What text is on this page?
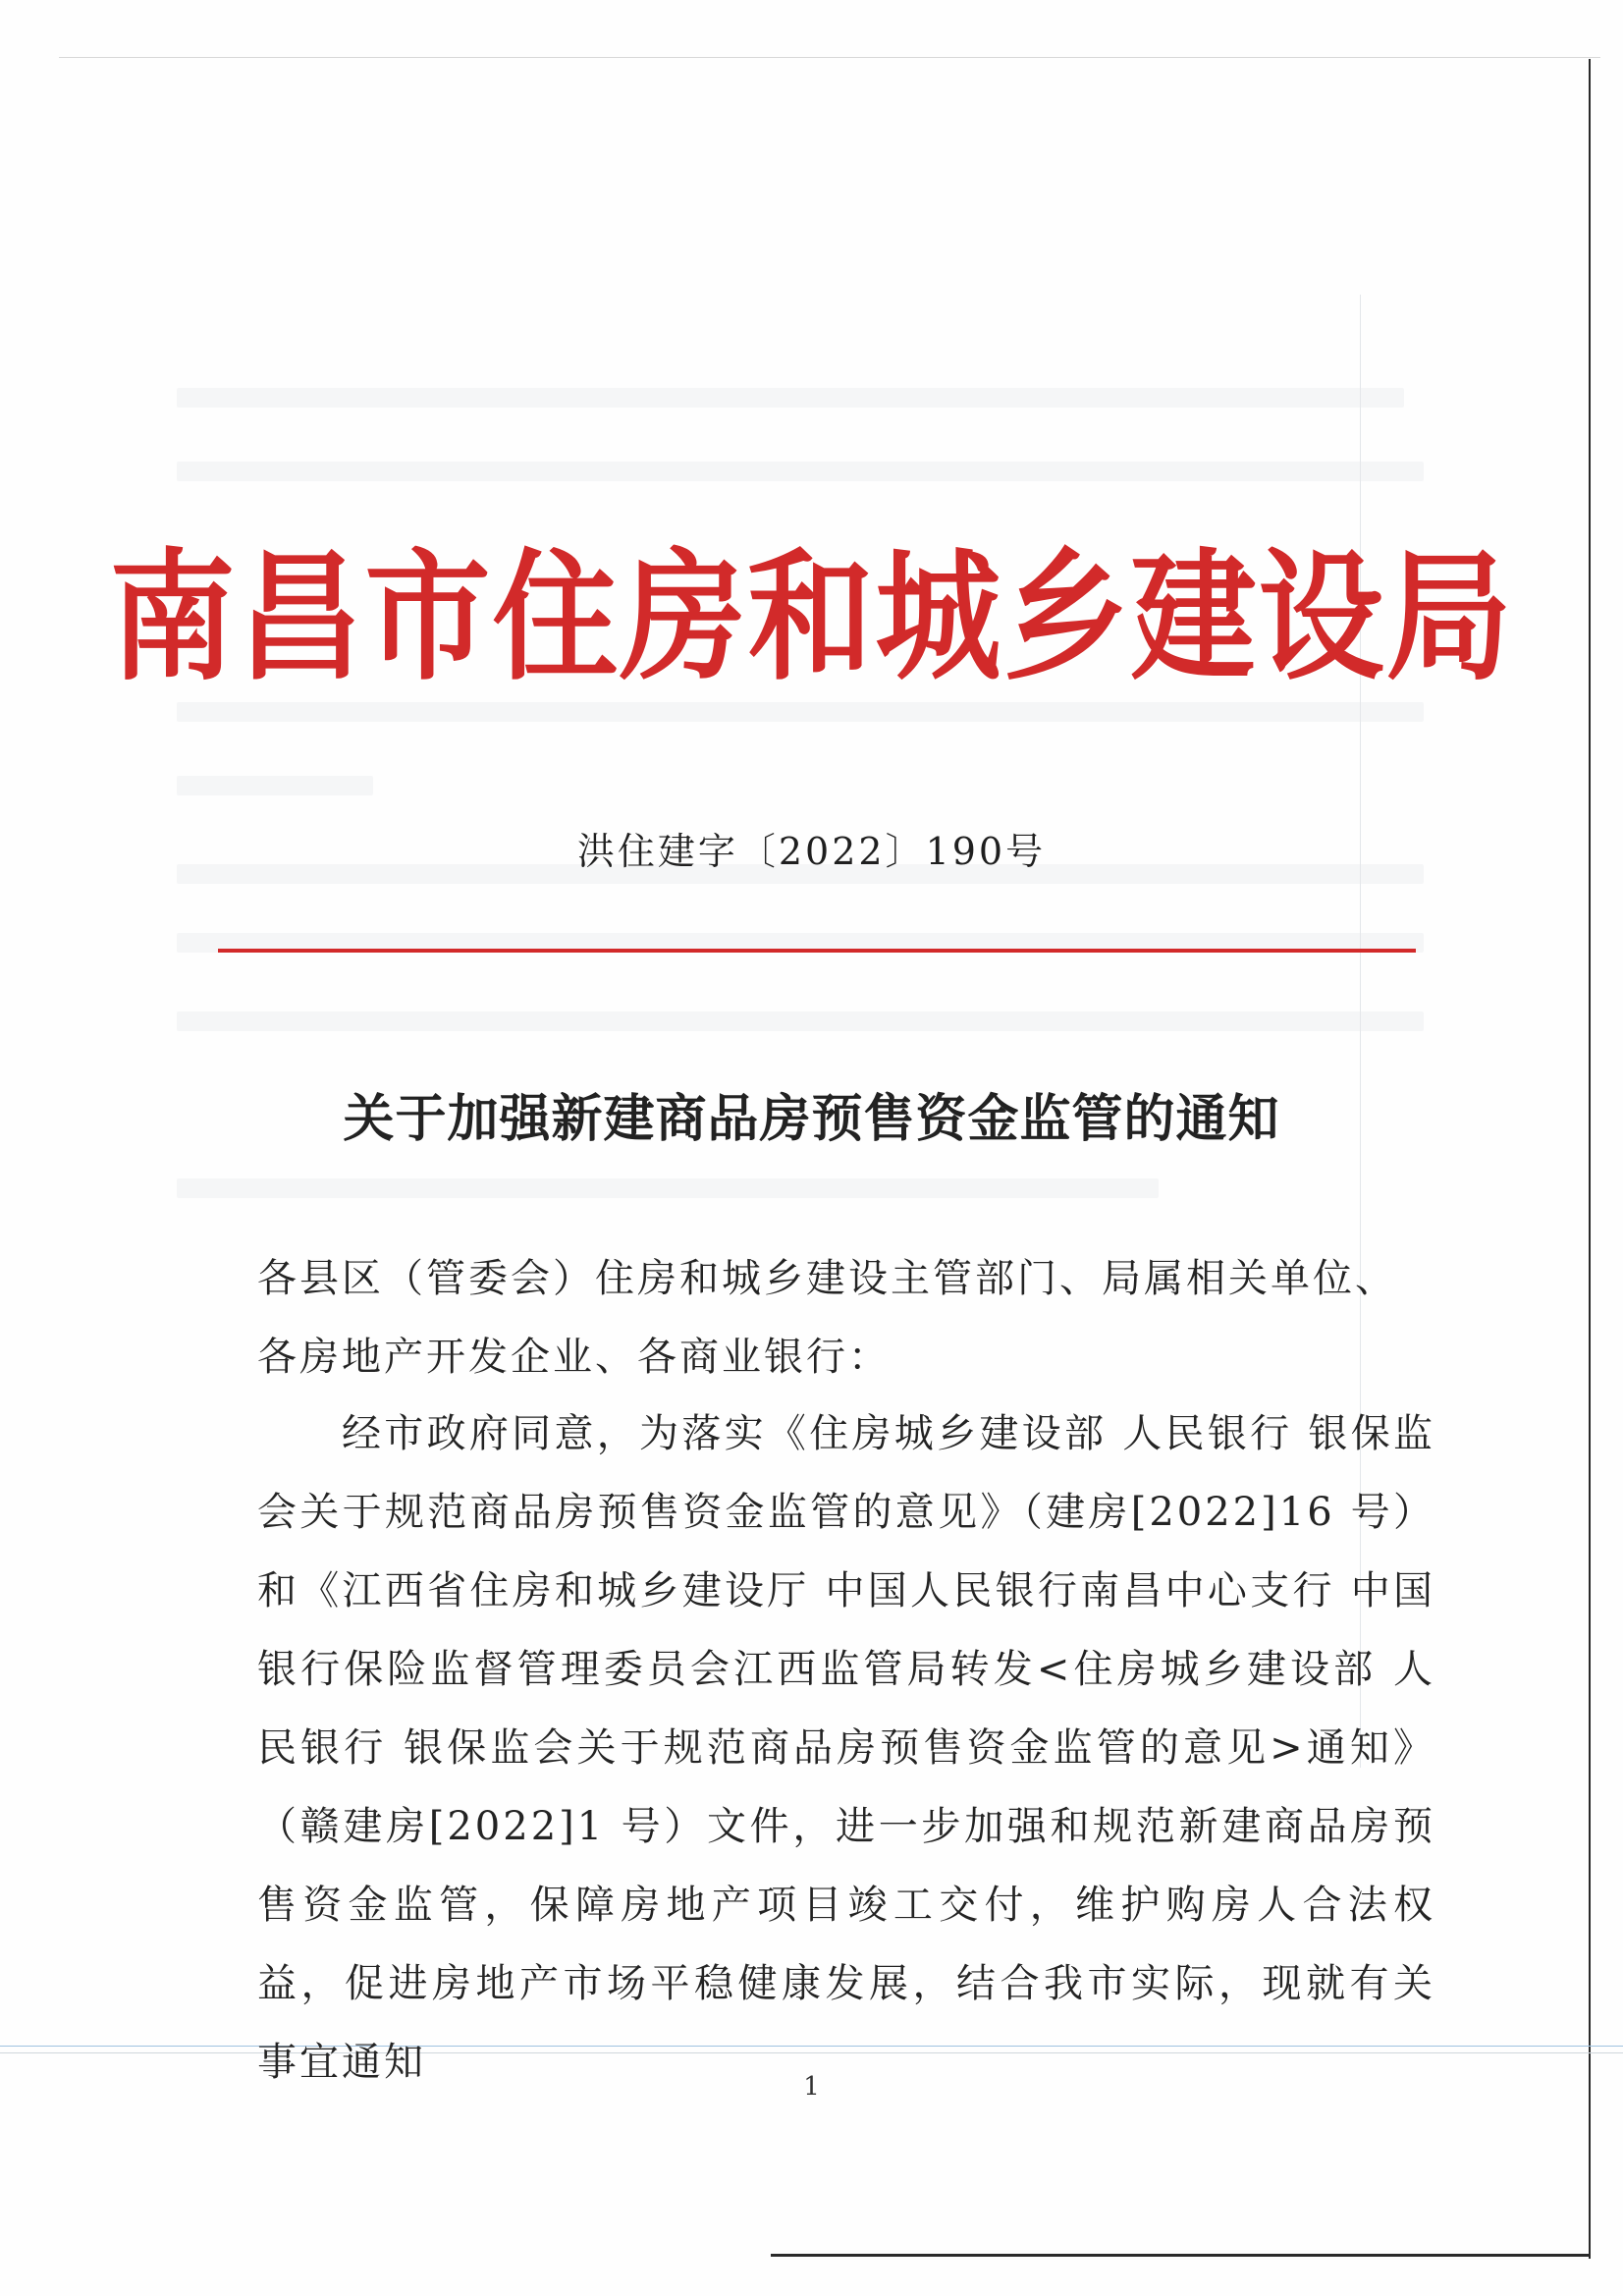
南昌市住房和城乡建设局
洪住建字〔2022〕190号
关于加强新建商品房预售资金监管的通知

各县区（管委会）住房和城乡建设主管部门、局属相关单位、各房地产开发企业、各商业银行：

经市政府同意，为落实《住房城乡建设部 人民银行 银保监会关于规范商品房预售资金监管的意见》（建房[2022]16 号）和《江西省住房和城乡建设厅 中国人民银行南昌中心支行 中国银行保险监督管理委员会江西监管局转发<住房城乡建设部 人民银行 银保监会关于规范商品房预售资金监管的意见>通知》（赣建房[2022]1 号）文件，进一步加强和规范新建商品房预售资金监管，保障房地产项目竣工交付，维护购房人合法权益，促进房地产市场平稳健康发展，结合我市实际，现就有关事宜通知

1
